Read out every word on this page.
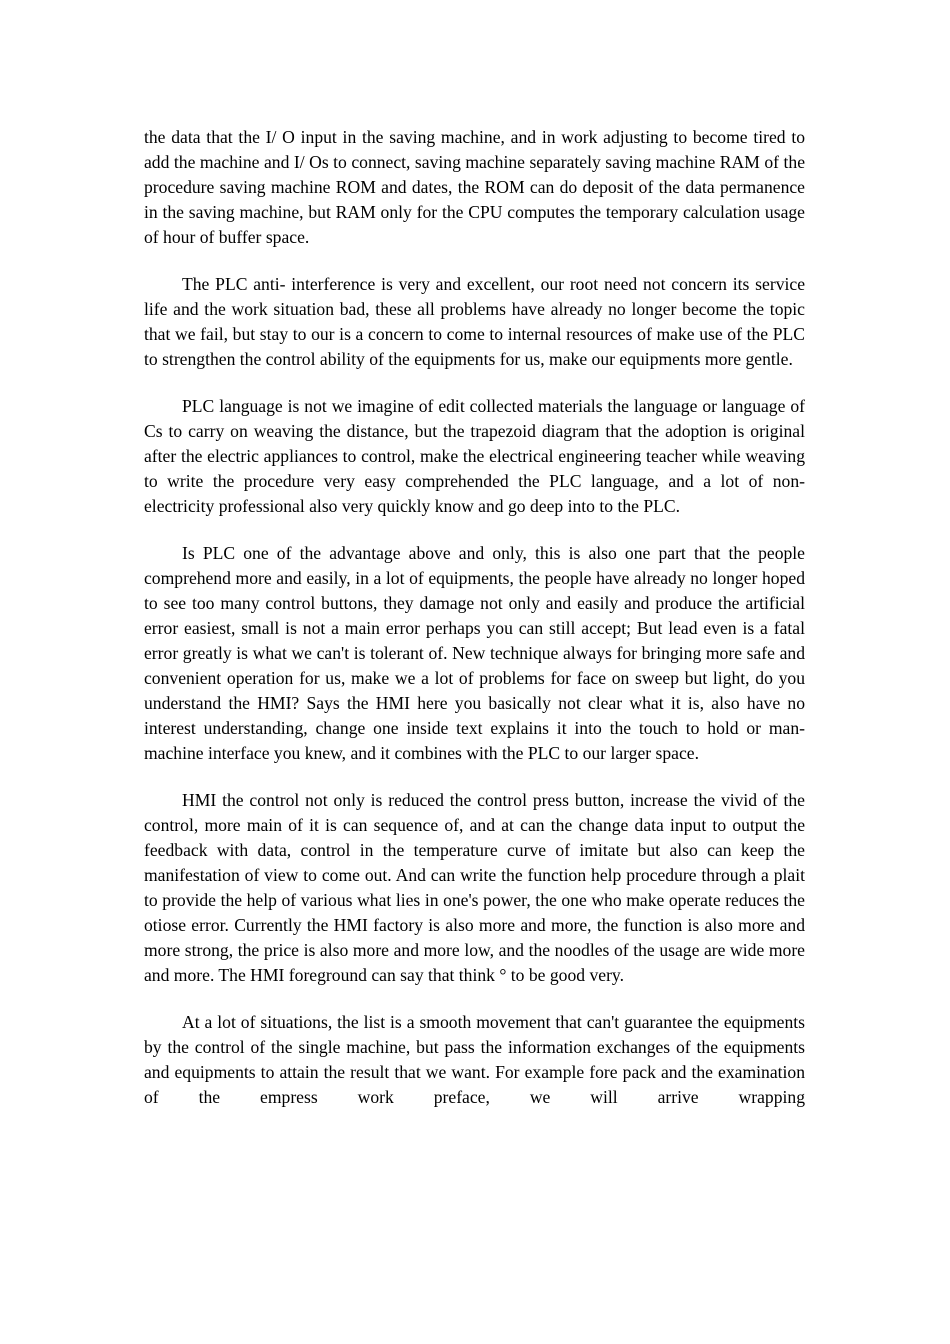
the data that the I/ O input in the saving machine, and in work adjusting to become tired to add the machine and I/ Os to connect, saving machine separately saving machine RAM of the procedure saving machine ROM and dates, the ROM can do deposit of the data permanence in the saving machine, but RAM only for the CPU computes the temporary calculation usage of hour of buffer space.

The PLC anti- interference is very and excellent, our root need not concern its service life and the work situation bad, these all problems have already no longer become the topic that we fail, but stay to our is a concern to come to internal resources of make use of the PLC to strengthen the control ability of the equipments for us, make our equipments more gentle.

PLC language is not we imagine of edit collected materials the language or language of Cs to carry on weaving the distance, but the trapezoid diagram that the adoption is original after the electric appliances to control, make the electrical engineering teacher while weaving to write the procedure very easy comprehended the PLC language, and a lot of non- electricity professional also very quickly know and go deep into to the PLC.

Is PLC one of the advantage above and only, this is also one part that the people comprehend more and easily, in a lot of equipments, the people have already no longer hoped to see too many control buttons, they damage not only and easily and produce the artificial error easiest, small is not a main error perhaps you can still accept; But lead even is a fatal error greatly is what we can't is tolerant of. New technique always for bringing more safe and convenient operation for us, make we a lot of problems for face on sweep but light, do you understand the HMI? Says the HMI here you basically not clear what it is, also have no interest understanding, change one inside text explains it into the touch to hold or man-machine interface you knew, and it combines with the PLC to our larger space.

HMI the control not only is reduced the control press button, increase the vivid of the control, more main of it is can sequence of, and at can the change data input to output the feedback with data, control in the temperature curve of imitate but also can keep the manifestation of view to come out. And can write the function help procedure through a plait to provide the help of various what lies in one's power, the one who make operate reduces the otiose error. Currently the HMI factory is also more and more, the function is also more and more strong, the price is also more and more low, and the noodles of the usage are wide more and more. The HMI foreground can say that think ° to be good very.

At a lot of situations, the list is a smooth movement that can't guarantee the equipments by the control of the single machine, but pass the information exchanges of the equipments and equipments to attain the result that we want. For example fore pack and the examination of the empress work preface, we will arrive wrapping
